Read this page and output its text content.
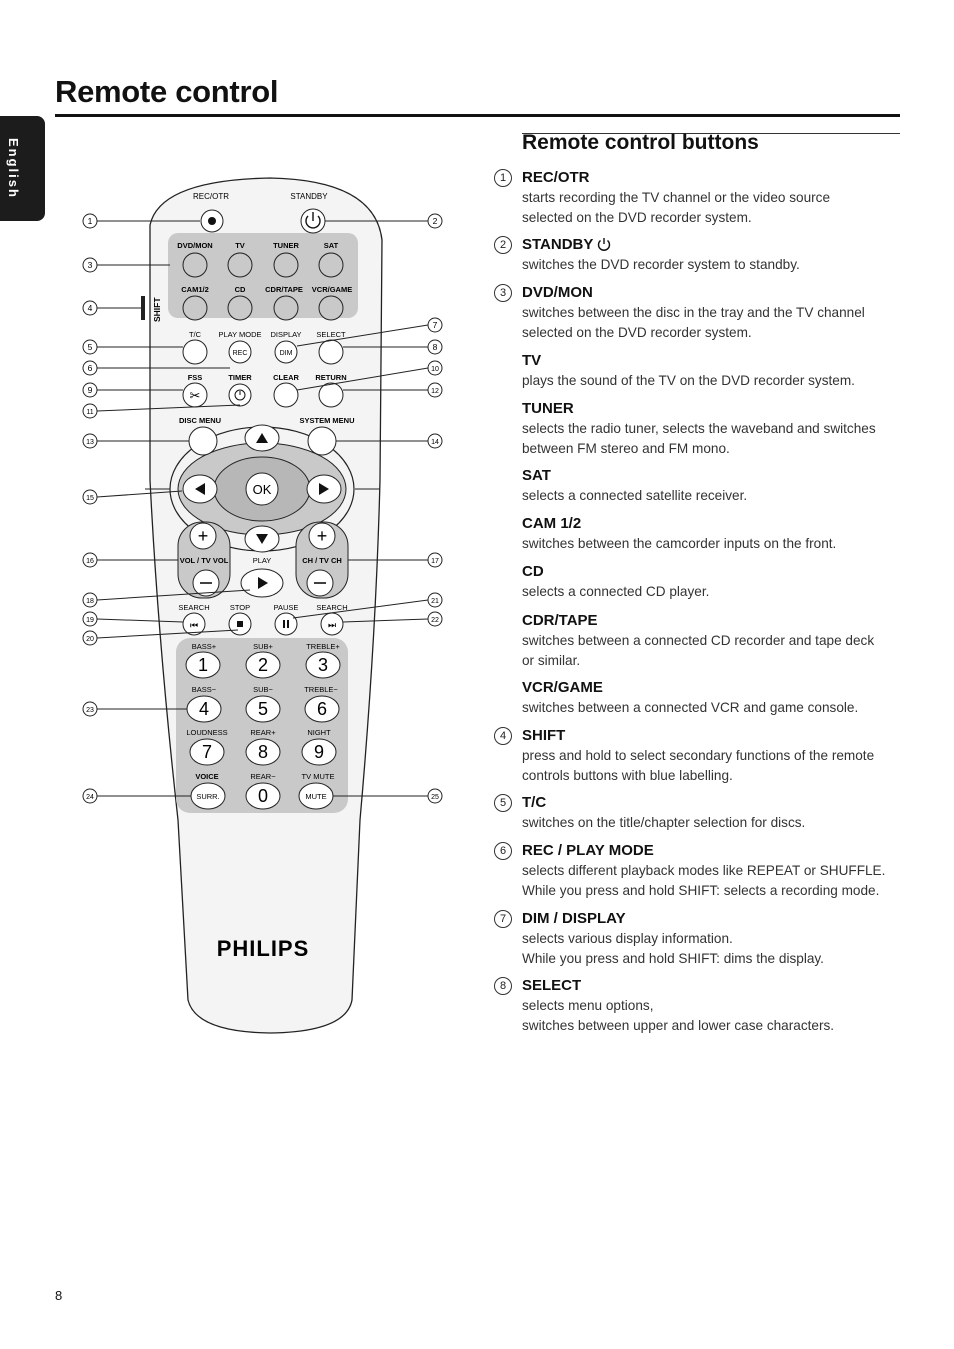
Remote control
English
SHIFT
REC/OTR	STANDBY
DVD/MON	TV	TUNER	SAT
CAM1/2	CD	CDR/TAPE VCR/GAME
T/C PLAY MODE DISPLAY SELECT
REC	DIM
FSS	TIMER	CLEAR RETURN
✂
DISC MENU	SYSTEM MENU
OK
+	+
VOL / TV VOL	CH / TV CH
PLAY
SEARCH	STOP	PAUSE SEARCH
⏮	⏭
BASS+	SUB+	TREBLE+
BASS−	SUB−	TREBLE−
LOUDNESS	REAR+	NIGHT
VOICE	REAR−	TV MUTE
1	2	3
4	5	6
7	8	9
0
SURR.	MUTE
PHILIPS
1	2
3
4
5
6
7
8
9
10
11
12
13	14
15
16	17
18
19
20
21
22
23
24	25
Remote control buttons
1	REC/OTR
starts recording the TV channel or the video source
selected on the DVD recorder system.
2	STANDBY
switches the DVD recorder system to standby.
3	DVD/MON
switches between the disc in the tray and the TV channel
selected on the DVD recorder system.
TV
plays the sound of the TV on the DVD recorder system.
TUNER
selects the radio tuner, selects the waveband and switches
between FM stereo and FM mono.
SAT
selects a connected satellite receiver.
CAM 1/2
switches between the camcorder inputs on the front.
CD
selects a connected CD player.
CDR/TAPE
switches between a connected CD recorder and tape deck
or similar.
VCR/GAME
switches between a connected VCR and game console.
4	SHIFT
press and hold to select secondary functions of the remote
controls buttons with blue labelling.
5	T/C
switches on the title/chapter selection for discs.
6	REC / PLAY MODE
selects different playback modes like REPEAT or SHUFFLE.
While you press and hold SHIFT: selects a recording mode.
7	DIM / DISPLAY
selects various display information.
While you press and hold SHIFT: dims the display.
8	SELECT
selects menu options,
switches between upper and lower case characters.
8
